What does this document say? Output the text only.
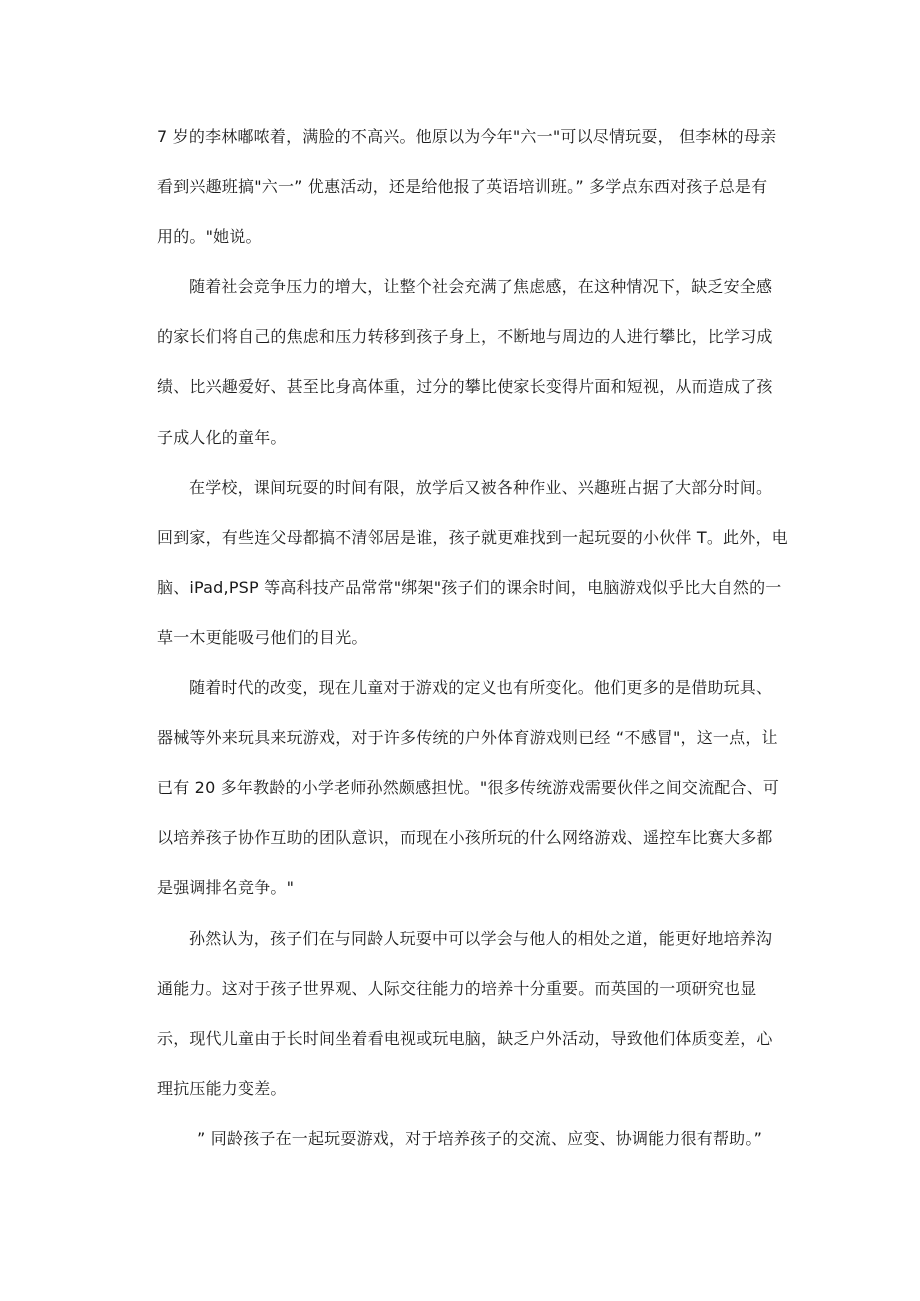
7 岁的李林嘟哝着，满脸的不高兴。他原以为今年"六一"可以尽情玩耍， 但李林的母亲
看到兴趣班搞"六一” 优惠活动，还是给他报了英语培训班。” 多学点东西对孩子总是有
用的。"她说。
随着社会竞争压力的增大，让整个社会充满了焦虑感，在这种情况下，缺乏安全感
的家长们将自己的焦虑和压力转移到孩子身上，不断地与周边的人进行攀比，比学习成
绩、比兴趣爱好、甚至比身高体重，过分的攀比使家长变得片面和短视，从而造成了孩
子成人化的童年。
在学校，课间玩耍的时间有限，放学后又被各种作业、兴趣班占据了大部分时间。
回到家，有些连父母都搞不清邻居是谁，孩子就更难找到一起玩耍的小伙伴 T。此外，电
脑、iPad,PSP 等高科技产品常常"绑架"孩子们的课余时间，电脑游戏似乎比大自然的一
草一木更能吸弓他们的目光。
随着时代的改变，现在儿童对于游戏的定义也有所变化。他们更多的是借助玩具、
器械等外来玩具来玩游戏，对于许多传统的户外体育游戏则已经 “不感冒"，这一点，让
已有 20 多年教龄的小学老师孙然颇感担忧。"很多传统游戏需要伙伴之间交流配合、可
以培养孩子协作互助的团队意识，而现在小孩所玩的什么网络游戏、遥控车比赛大多都
是强调排名竞争。"
孙然认为，孩子们在与同龄人玩耍中可以学会与他人的相处之道，能更好地培养沟
通能力。这对于孩子世界观、人际交往能力的培养十分重要。而英国的一项研究也显
示，现代儿童由于长时间坐着看电视或玩电脑，缺乏户外活动，导致他们体质变差，心
理抗压能力变差。
” 同龄孩子在一起玩耍游戏，对于培养孩子的交流、应变、协调能力很有帮助。”
